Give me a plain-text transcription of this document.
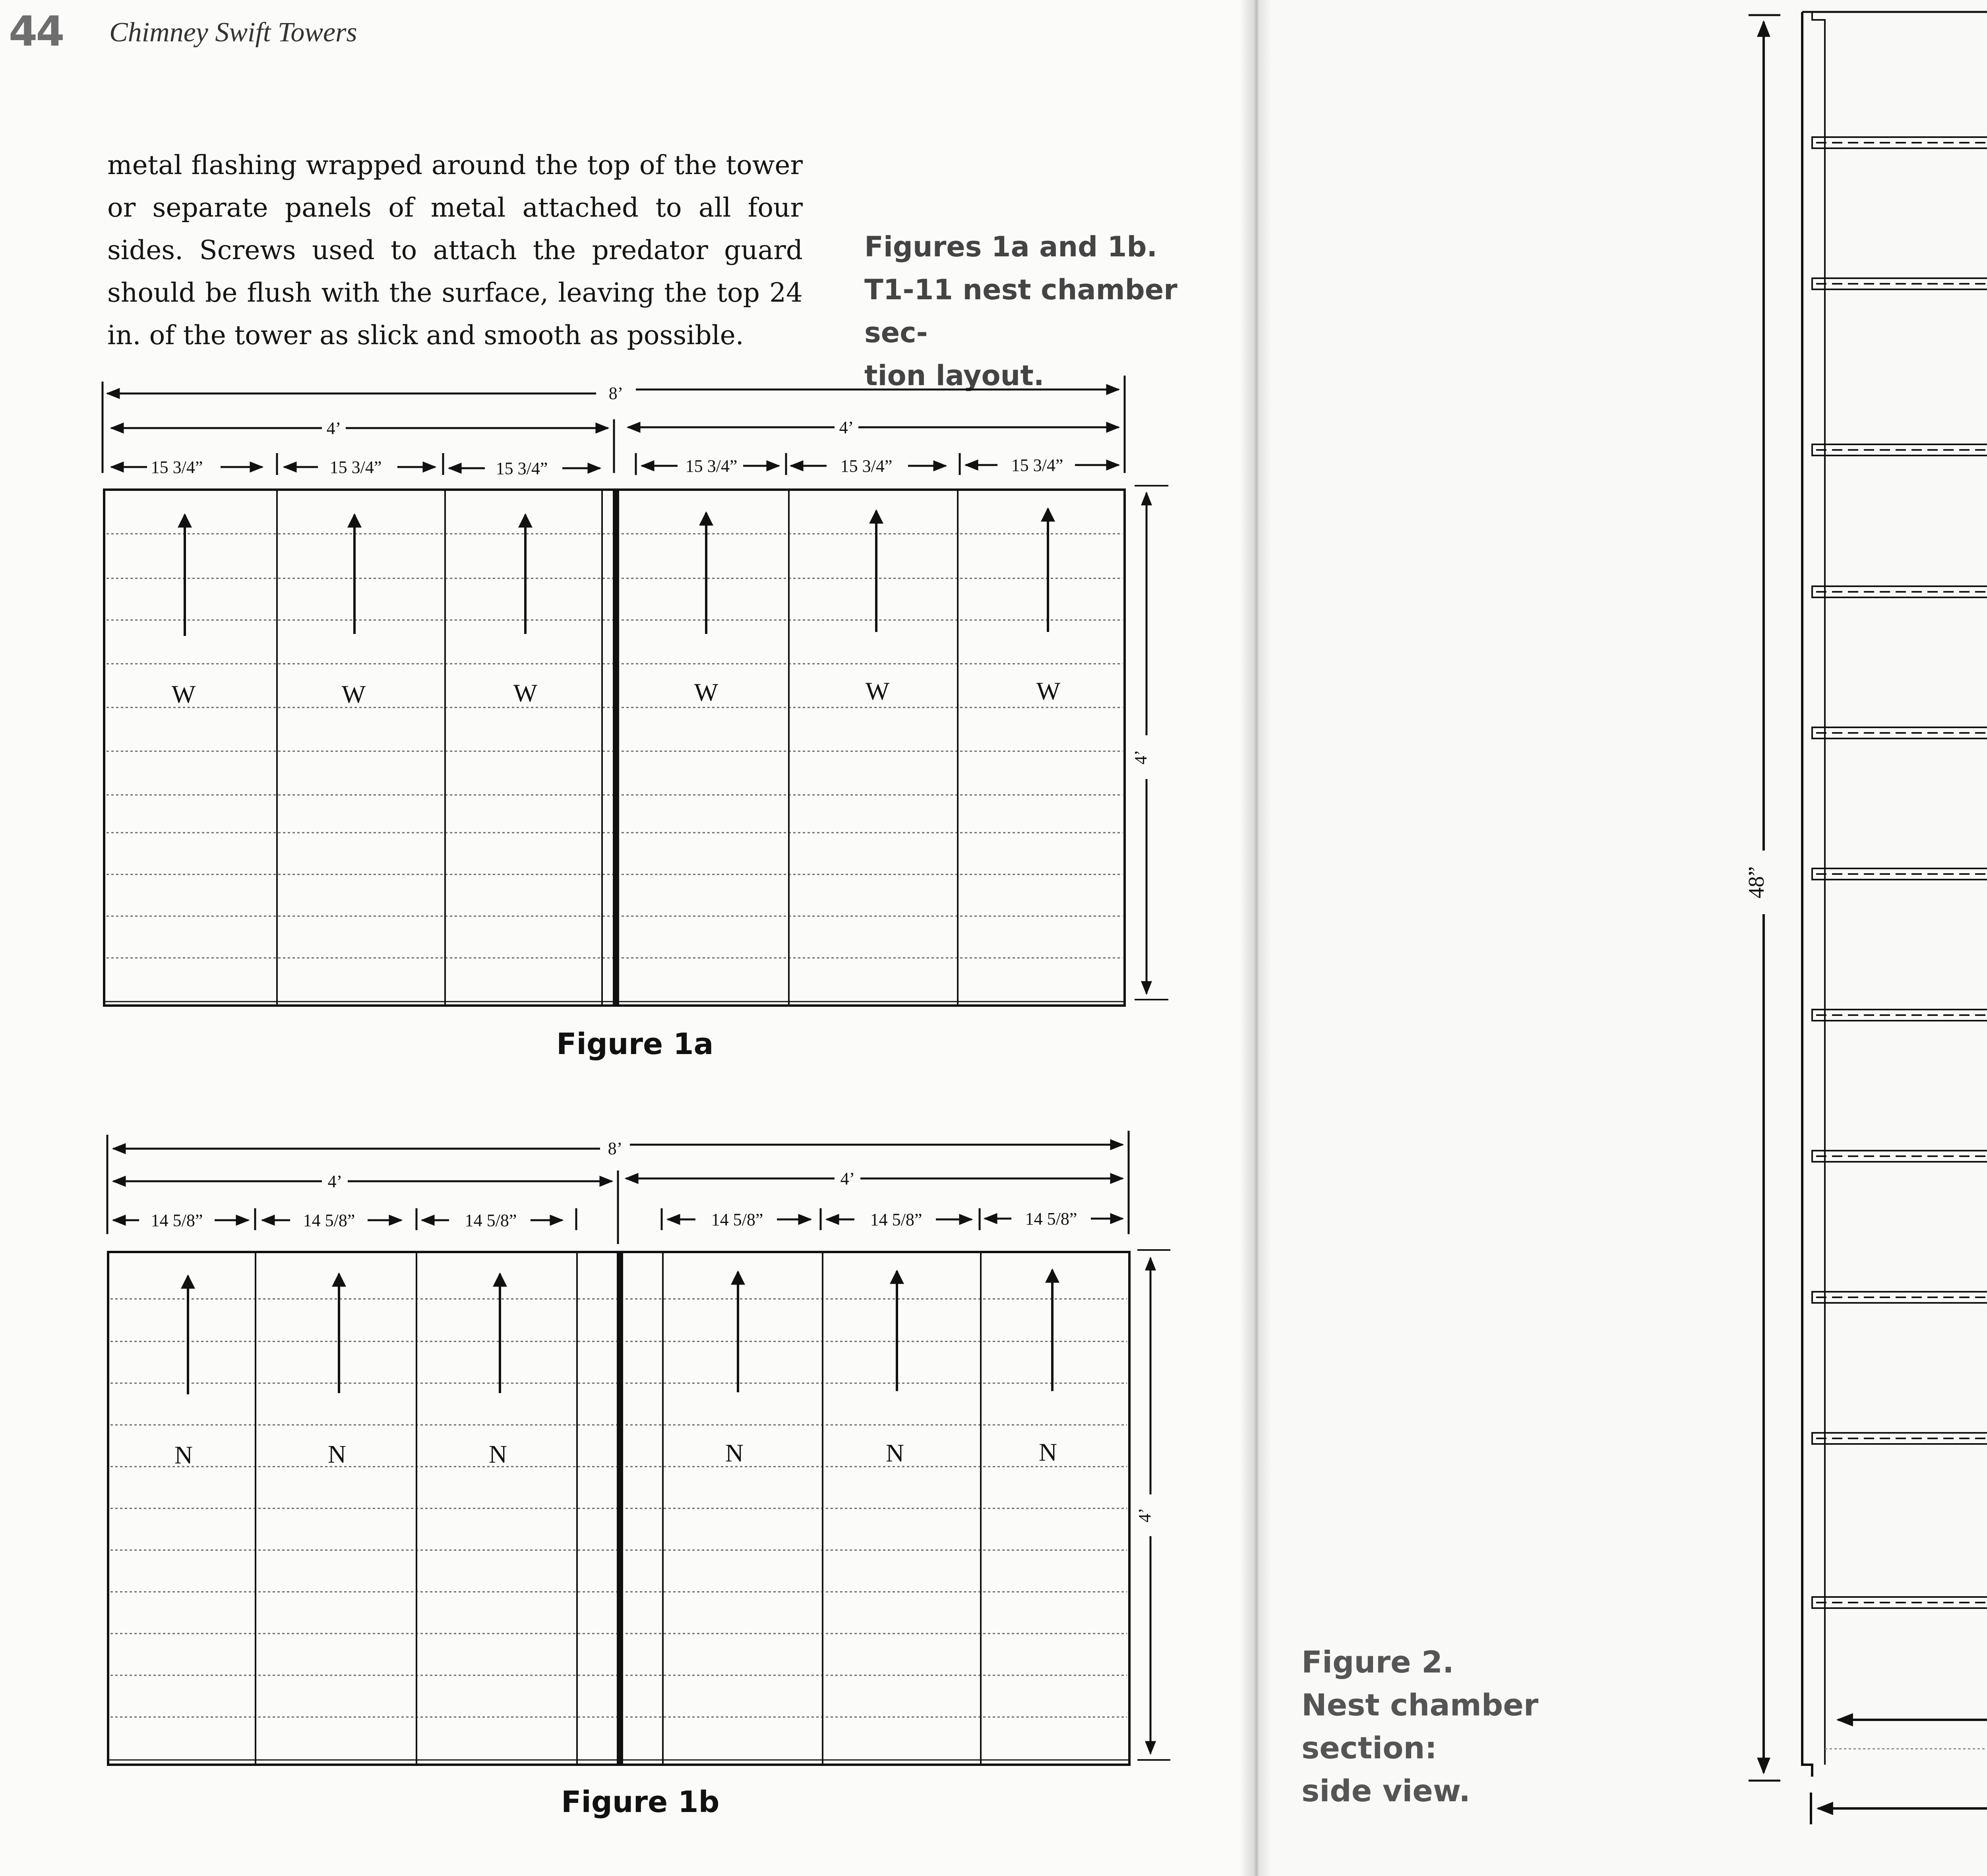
44 Chimney Swift Towers
metal flashing wrapped around the top of the tower or separate panels of metal attached to all four sides. Screws used to attach the predator guard should be flush with the surface, leaving the top 24 in. of the tower as slick and smooth as possible.
Figures 1a and 1b.
T1-11 nest chamber sec-
tion layout.
8’
4’	4’
15 3/4”	15 3/4”	15 3/4”	15 3/4”	15 3/4”	15 3/4”
W	W	W	W	W	W
4’
8’
4’	4’
14 5/8”	14 5/8”	14 5/8”	14 5/8”	14 5/8”	14 5/8”
N	N	N	N	N	N
4’
48”
Figure 1a
Figure 1b
Figure 2.
Nest chamber section:
side view.
